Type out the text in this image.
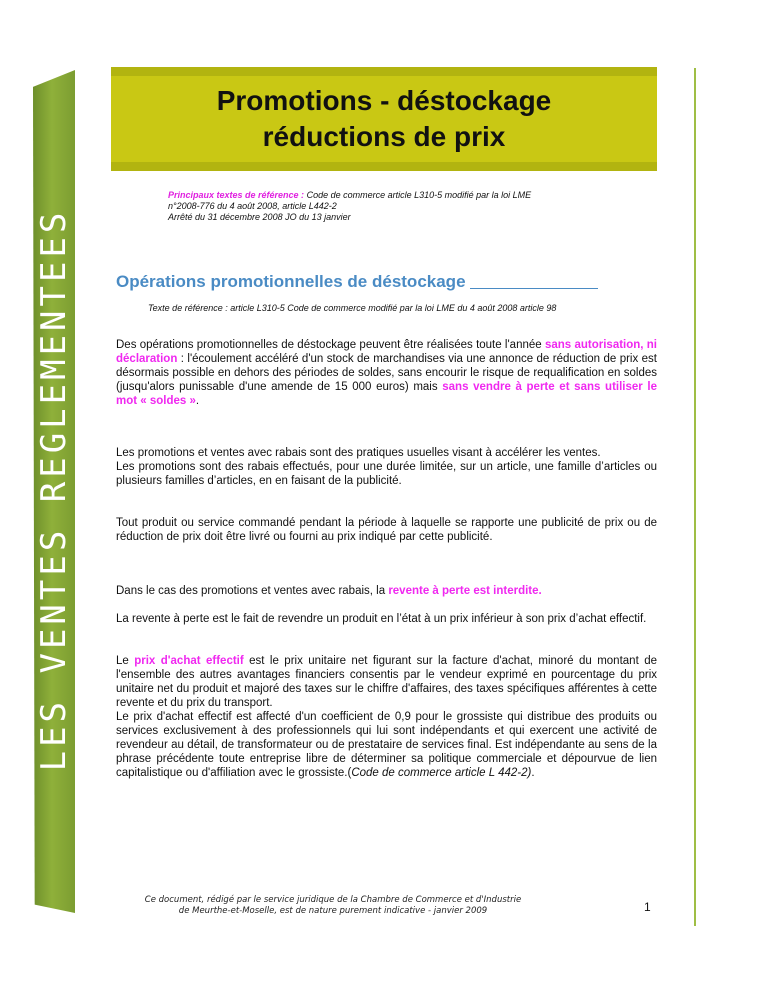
LES VENTES REGLEMENTEES
Promotions - déstockage
réductions de prix
Principaux textes de référence : Code de commerce article L310-5 modifié par la loi LME
n°2008-776 du 4 août 2008, article L442-2
Arrêté du 31 décembre 2008 JO du 13 janvier
Opérations promotionnelles de déstockage
Texte de référence : article L310-5 Code de commerce modifié par la loi LME du 4 août 2008 article 98
Des opérations promotionnelles de déstockage peuvent être réalisées toute l'année sans autorisation, ni déclaration : l'écoulement accéléré d'un stock de marchandises via une annonce de réduction de prix est désormais possible en dehors des périodes de soldes, sans encourir le risque de requalification en soldes (jusqu'alors punissable d'une amende de 15 000 euros) mais sans vendre à perte et sans utiliser le mot « soldes ».
Les promotions et ventes avec rabais sont des pratiques usuelles visant à accélérer les ventes.
Les promotions sont des rabais effectués, pour une durée limitée, sur un article, une famille d’articles ou plusieurs familles d’articles, en en faisant de la publicité.
Tout produit ou service commandé pendant la période à laquelle se rapporte une publicité de prix ou de réduction de prix doit être livré ou fourni au prix indiqué par cette publicité.
Dans le cas des promotions et ventes avec rabais, la revente à perte est interdite.
La revente à perte est le fait de revendre un produit en l’état à un prix inférieur à son prix d’achat effectif.
Le prix d'achat effectif est le prix unitaire net figurant sur la facture d'achat, minoré du montant de l'ensemble des autres avantages financiers consentis par le vendeur exprimé en pourcentage du prix unitaire net du produit et majoré des taxes sur le chiffre d'affaires, des taxes spécifiques afférentes à cette revente et du prix du transport.
Le prix d'achat effectif est affecté d'un coefficient de 0,9 pour le grossiste qui distribue des produits ou services exclusivement à des professionnels qui lui sont indépendants et qui exercent une activité de revendeur au détail, de transformateur ou de prestataire de services final. Est indépendante au sens de la phrase précédente toute entreprise libre de déterminer sa politique commerciale et dépourvue de lien capitalistique ou d'affiliation avec le grossiste.(Code de commerce article L 442-2).
Ce document, rédigé par le service juridique de la Chambre de Commerce et d'Industrie
de Meurthe-et-Moselle, est de nature purement indicative - janvier 2009	1
